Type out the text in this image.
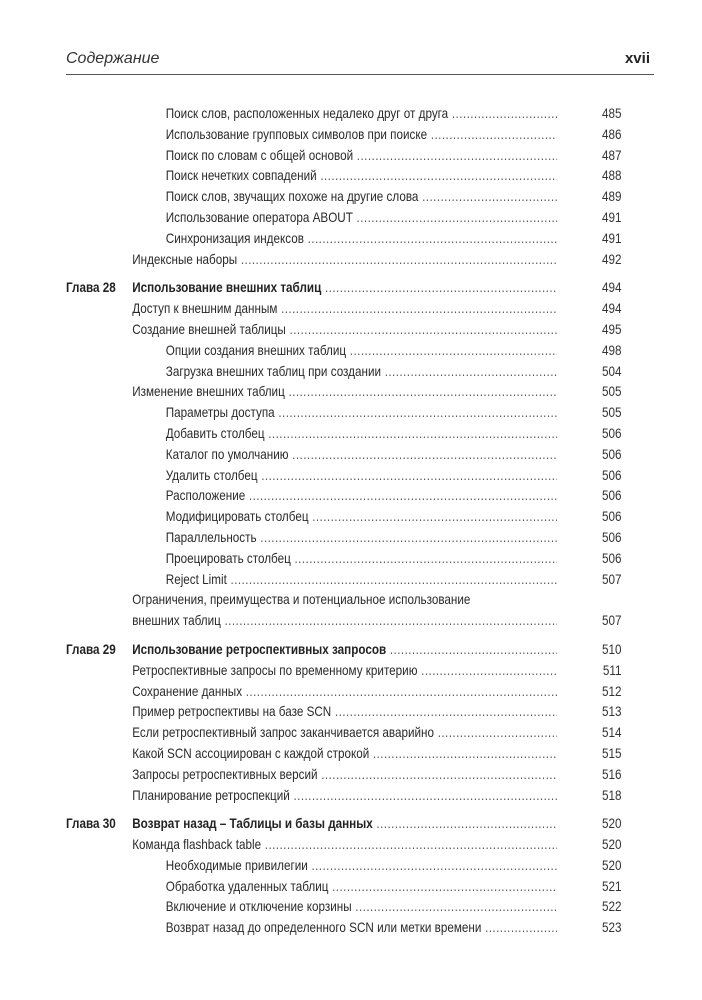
Содержание	xvii
Поиск слов, расположенных недалеко друг от друга .....	485
Использование групповых символов при поиске .....	486
Поиск по словам с общей основой .....	487
Поиск нечетких совпадений .....	488
Поиск слов, звучащих похоже на другие слова .....	489
Использование оператора ABOUT .....	491
Синхронизация индексов .....	491
Индексные наборы .....	492
Глава 28 Использование внешних таблиц .....	494
Доступ к внешним данным .....	494
Создание внешней таблицы .....	495
Опции создания внешних таблиц .....	498
Загрузка внешних таблиц при создании .....	504
Изменение внешних таблиц .....	505
Параметры доступа .....	505
Добавить столбец .....	506
Каталог по умолчанию .....	506
Удалить столбец .....	506
Расположение .....	506
Модифицировать столбец .....	506
Параллельность .....	506
Проецировать столбец .....	506
Reject Limit .....	507
Ограничения, преимущества и потенциальное использование
внешних таблиц .....	507
Глава 29 Использование ретроспективных запросов .....	510
Ретроспективные запросы по временному критерию .....	511
Сохранение данных .....	512
Пример ретроспективы на базе SCN .....	513
Если ретроспективный запрос заканчивается аварийно .....	514
Какой SCN ассоциирован с каждой строкой .....	515
Запросы ретроспективных версий .....	516
Планирование ретроспекций .....	518
Глава 30 Возврат назад – Таблицы и базы данных .....	520
Команда flashback table .....	520
Необходимые привилегии .....	520
Обработка удаленных таблиц .....	521
Включение и отключение корзины .....	522
Возврат назад до определенного SCN или метки времени .....	523
